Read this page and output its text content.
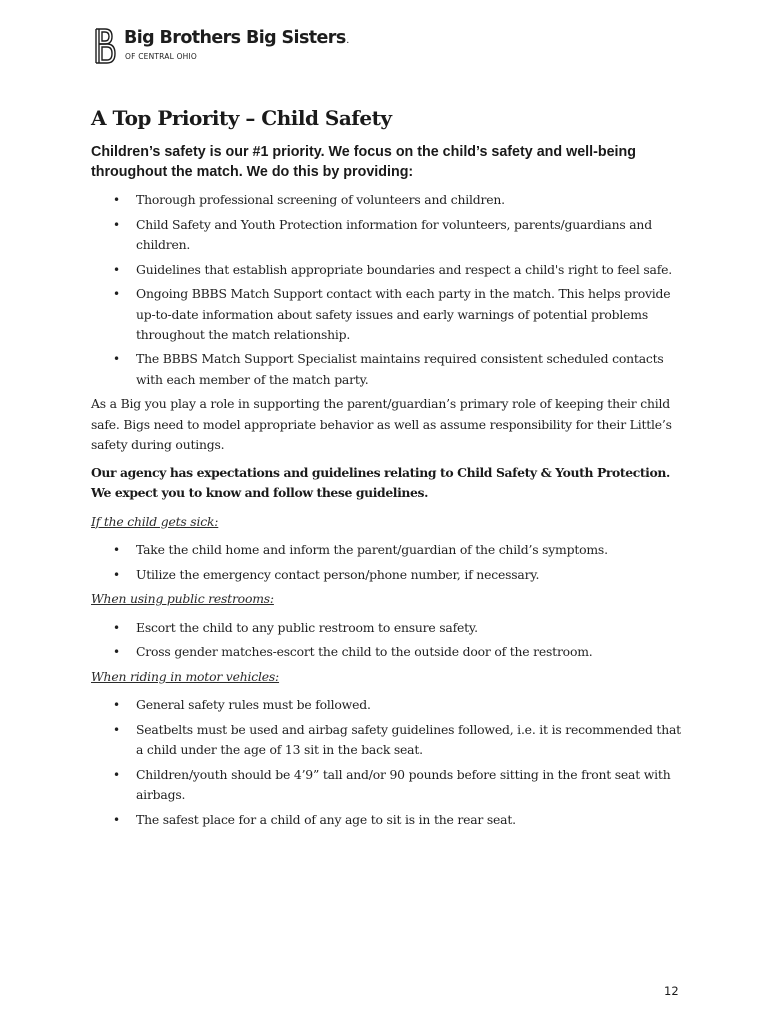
Big Brothers Big Sisters.
OF CENTRAL OHIO
A Top Priority – Child Safety

Children’s safety is our #1 priority. We focus on the child’s safety and well-being throughout the match. We do this by providing:

• Thorough professional screening of volunteers and children.
• Child Safety and Youth Protection information for volunteers, parents/guardians and children.
• Guidelines that establish appropriate boundaries and respect a child's right to feel safe.
• Ongoing BBBS Match Support contact with each party in the match. This helps provide up-to-date information about safety issues and early warnings of potential problems throughout the match relationship.
• The BBBS Match Support Specialist maintains required consistent scheduled contacts with each member of the match party.

As a Big you play a role in supporting the parent/guardian’s primary role of keeping their child safe. Bigs need to model appropriate behavior as well as assume responsibility for their Little’s safety during outings.

Our agency has expectations and guidelines relating to Child Safety & Youth Protection. We expect you to know and follow these guidelines.

If the child gets sick:

• Take the child home and inform the parent/guardian of the child’s symptoms.
• Utilize the emergency contact person/phone number, if necessary.

When using public restrooms:

• Escort the child to any public restroom to ensure safety.
• Cross gender matches-escort the child to the outside door of the restroom.

When riding in motor vehicles:

• General safety rules must be followed.
• Seatbelts must be used and airbag safety guidelines followed, i.e. it is recommended that a child under the age of 13 sit in the back seat.
• Children/youth should be 4’9” tall and/or 90 pounds before sitting in the front seat with airbags.
• The safest place for a child of any age to sit is in the rear seat.
12
